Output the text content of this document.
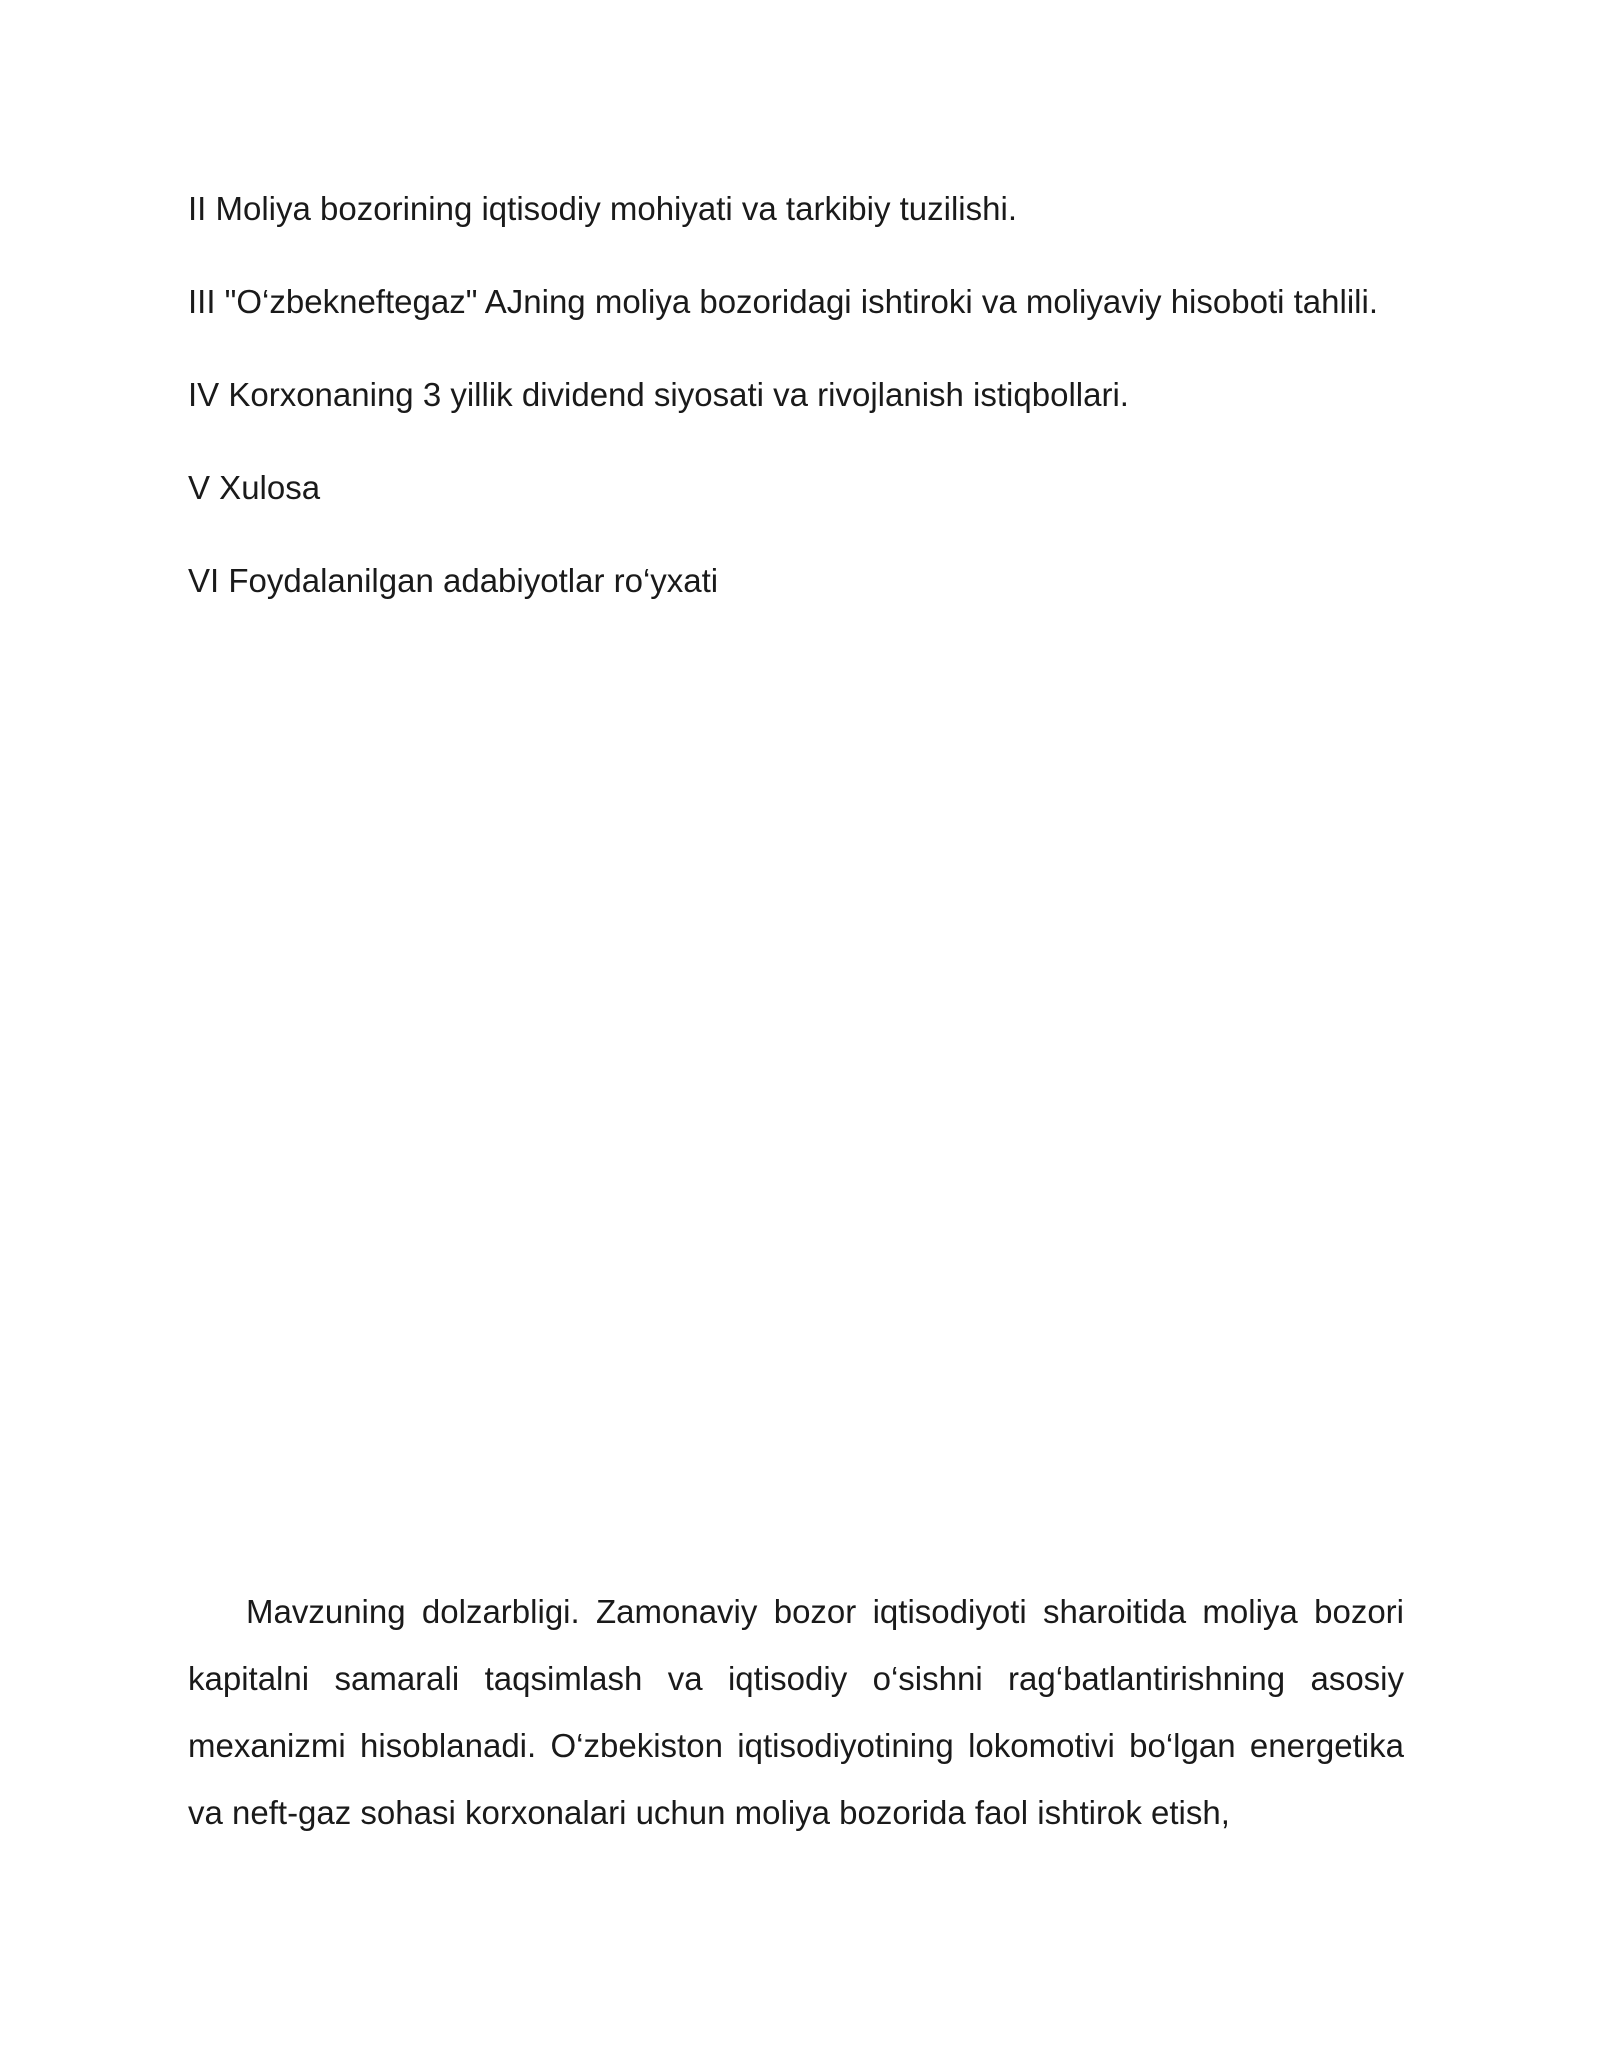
II Moliya bozorining iqtisodiy mohiyati va tarkibiy tuzilishi.
III "O‘zbekneftegaz" AJning moliya bozoridagi ishtiroki va moliyaviy hisoboti tahlili.
IV Korxonaning 3 yillik dividend siyosati va rivojlanish istiqbollari.
V Xulosa
VI Foydalanilgan adabiyotlar ro‘yxati

Mavzuning dolzarbligi. Zamonaviy bozor iqtisodiyoti sharoitida moliya bozori kapitalni samarali taqsimlash va iqtisodiy o‘sishni rag‘batlantirishning asosiy mexanizmi hisoblanadi. O‘zbekiston iqtisodiyotining lokomotivi bo‘lgan energetika va neft-gaz sohasi korxonalari uchun moliya bozorida faol ishtirok etish,
